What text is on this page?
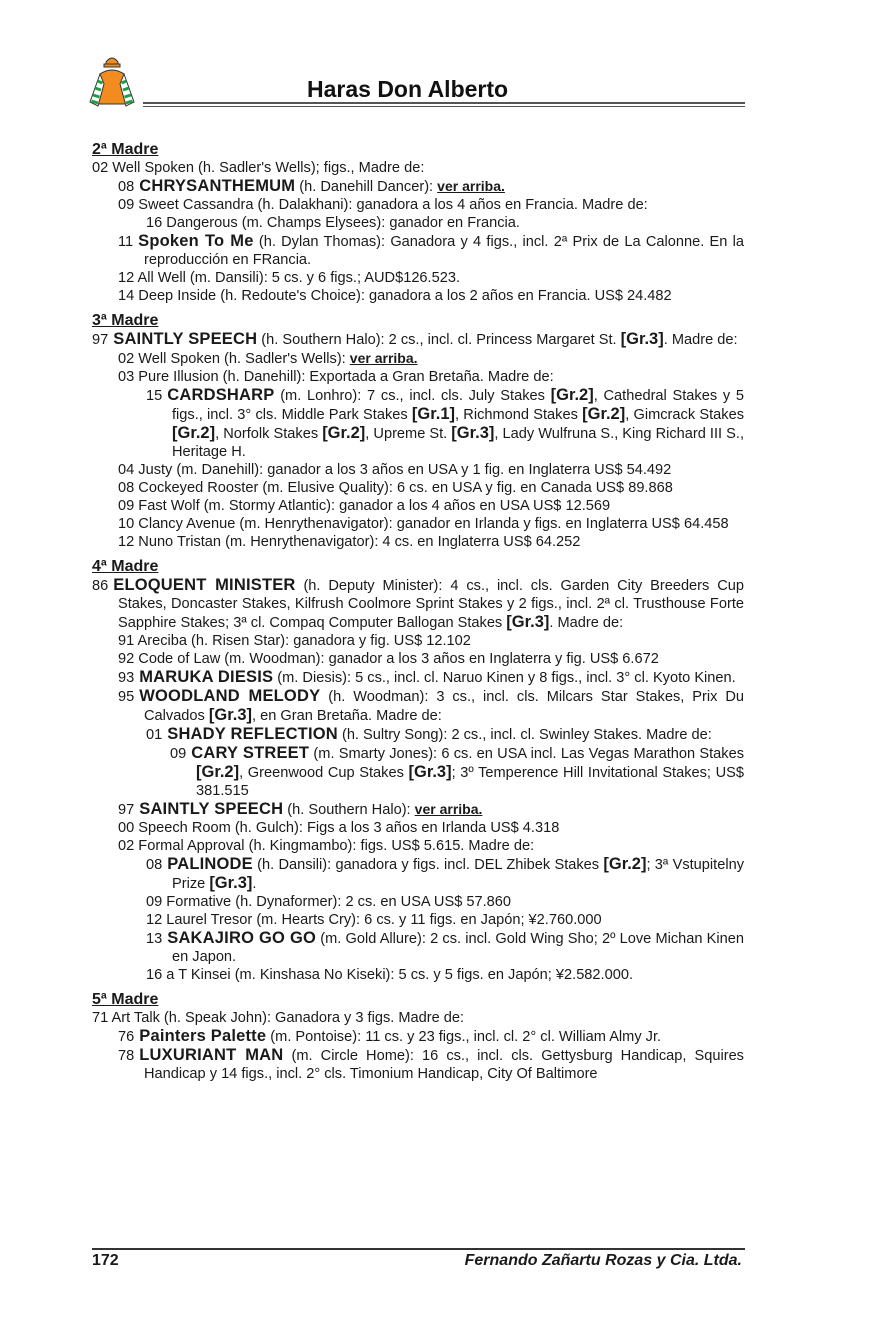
Haras Don Alberto
2ª Madre
02 Well Spoken (h. Sadler's Wells); figs., Madre de:
08 CHRYSANTHEMUM (h. Danehill Dancer): ver arriba.
09 Sweet Cassandra (h. Dalakhani): ganadora a los 4 años en Francia. Madre de:
16 Dangerous (m. Champs Elysees): ganador en Francia.
11 Spoken To Me (h. Dylan Thomas): Ganadora y 4 figs., incl. 2ª Prix de La Calonne. En la reproducción en FRancia.
12 All Well (m. Dansili): 5 cs. y 6 figs.; AUD$126.523.
14 Deep Inside (h. Redoute's Choice): ganadora a los 2 años en Francia. US$ 24.482
3ª Madre
97 SAINTLY SPEECH (h. Southern Halo): 2 cs., incl. cl. Princess Margaret St. [Gr.3]. Madre de:
02 Well Spoken (h. Sadler's Wells): ver arriba.
03 Pure Illusion (h. Danehill): Exportada a Gran Bretaña. Madre de:
15 CARDSHARP (m. Lonhro): 7 cs., incl. cls. July Stakes [Gr.2], Cathedral Stakes y 5 figs., incl. 3° cls. Middle Park Stakes [Gr.1], Richmond Stakes [Gr.2], Gimcrack Stakes [Gr.2], Norfolk Stakes [Gr.2], Upreme St. [Gr.3], Lady Wulfruna S., King Richard III S., Heritage H.
04 Justy (m. Danehill): ganador a los 3 años en USA y 1 fig. en Inglaterra US$ 54.492
08 Cockeyed Rooster (m. Elusive Quality): 6 cs. en USA y fig. en Canada US$ 89.868
09 Fast Wolf (m. Stormy Atlantic): ganador a los 4 años en USA US$ 12.569
10 Clancy Avenue (m. Henrythenavigator): ganador en Irlanda y figs. en Inglaterra US$ 64.458
12 Nuno Tristan (m. Henrythenavigator): 4 cs. en Inglaterra US$ 64.252
4ª Madre
86 ELOQUENT MINISTER (h. Deputy Minister): 4 cs., incl. cls. Garden City Breeders Cup Stakes, Doncaster Stakes, Kilfrush Coolmore Sprint Stakes y 2 figs., incl. 2ª cl. Trusthouse Forte Sapphire Stakes; 3ª cl. Compaq Computer Ballogan Stakes [Gr.3]. Madre de:
91 Areciba (h. Risen Star): ganadora y fig. US$ 12.102
92 Code of Law (m. Woodman): ganador a los 3 años en Inglaterra y fig. US$ 6.672
93 MARUKA DIESIS (m. Diesis): 5 cs., incl. cl. Naruo Kinen y 8 figs., incl. 3° cl. Kyoto Kinen.
95 WOODLAND MELODY (h. Woodman): 3 cs., incl. cls. Milcars Star Stakes, Prix Du Calvados [Gr.3], en Gran Bretaña. Madre de:
01 SHADY REFLECTION (h. Sultry Song): 2 cs., incl. cl. Swinley Stakes. Madre de:
09 CARY STREET (m. Smarty Jones): 6 cs. en USA incl. Las Vegas Marathon Stakes [Gr.2], Greenwood Cup Stakes [Gr.3]; 3º Temperence Hill Invitational Stakes; US$ 381.515
97 SAINTLY SPEECH (h. Southern Halo): ver arriba.
00 Speech Room (h. Gulch): Figs a los 3 años en Irlanda US$ 4.318
02 Formal Approval (h. Kingmambo): figs. US$ 5.615. Madre de:
08 PALINODE (h. Dansili): ganadora y figs. incl. DEL Zhibek Stakes [Gr.2]; 3ª Vstupitelny Prize [Gr.3].
09 Formative (h. Dynaformer): 2 cs. en USA US$ 57.860
12 Laurel Tresor (m. Hearts Cry): 6 cs. y 11 figs. en Japón; ¥2.760.000
13 SAKAJIRO GO GO (m. Gold Allure): 2 cs. incl. Gold Wing Sho; 2º Love Michan Kinen en Japon.
16 a T Kinsei (m. Kinshasa No Kiseki): 5 cs. y 5 figs. en Japón; ¥2.582.000.
5ª Madre
71 Art Talk (h. Speak John): Ganadora y 3 figs. Madre de:
76 Painters Palette (m. Pontoise): 11 cs. y 23 figs., incl. cl. 2° cl. William Almy Jr.
78 LUXURIANT MAN (m. Circle Home): 16 cs., incl. cls. Gettysburg Handicap, Squires Handicap y 14 figs., incl. 2° cls. Timonium Handicap, City Of Baltimore
172	Fernando Zañartu Rozas y Cia. Ltda.
